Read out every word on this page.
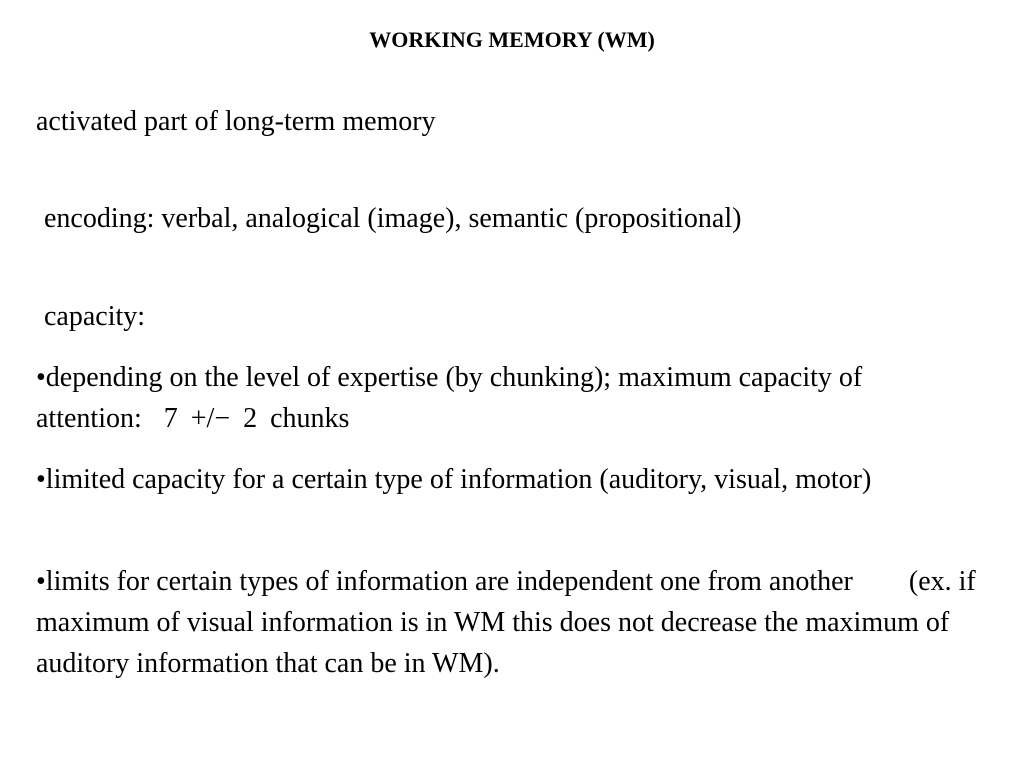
WORKING MEMORY (WM)
activated part of long-term memory
encoding: verbal, analogical (image), semantic (propositional)
capacity:
•depending on the level of expertise (by chunking); maximum capacity of attention: 7 +/− 2 chunks
•limited capacity for a certain type of information (auditory, visual, motor)
•limits for certain types of information are independent one from another (ex. if maximum of visual information is in WM this does not decrease the maximum of auditory information that can be in WM).
